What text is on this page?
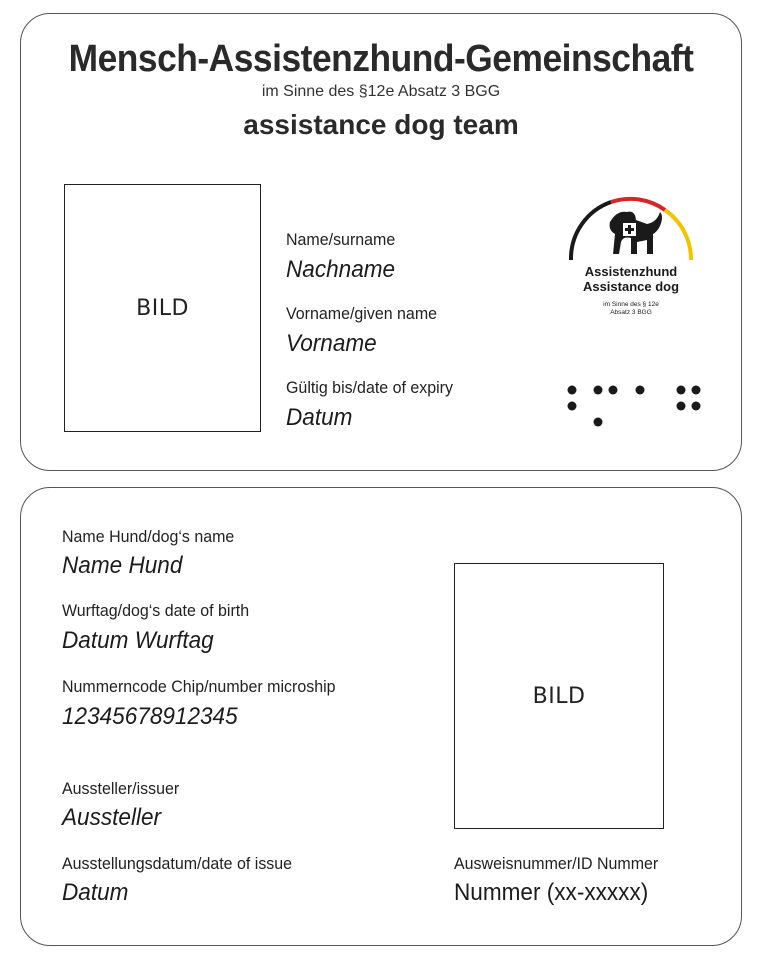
Mensch-Assistenzhund-Gemeinschaft
im Sinne des §12e Absatz 3 BGG
assistance dog team
BILD
Name/surname
Nachname
Vorname/given name
Vorname
Gültig bis/date of expiry
Datum
Assistenzhund
Assistance dog
im Sinne des § 12e
Absatz 3 BGG
Name Hund/dog‘s name
Name Hund
Wurftag/dog‘s date of birth
Datum Wurftag
Nummerncode Chip/number microship
12345678912345
Aussteller/issuer
Aussteller
Ausstellungsdatum/date of issue
Datum
BILD
Ausweisnummer/ID Nummer
Nummer (xx-xxxxx)
